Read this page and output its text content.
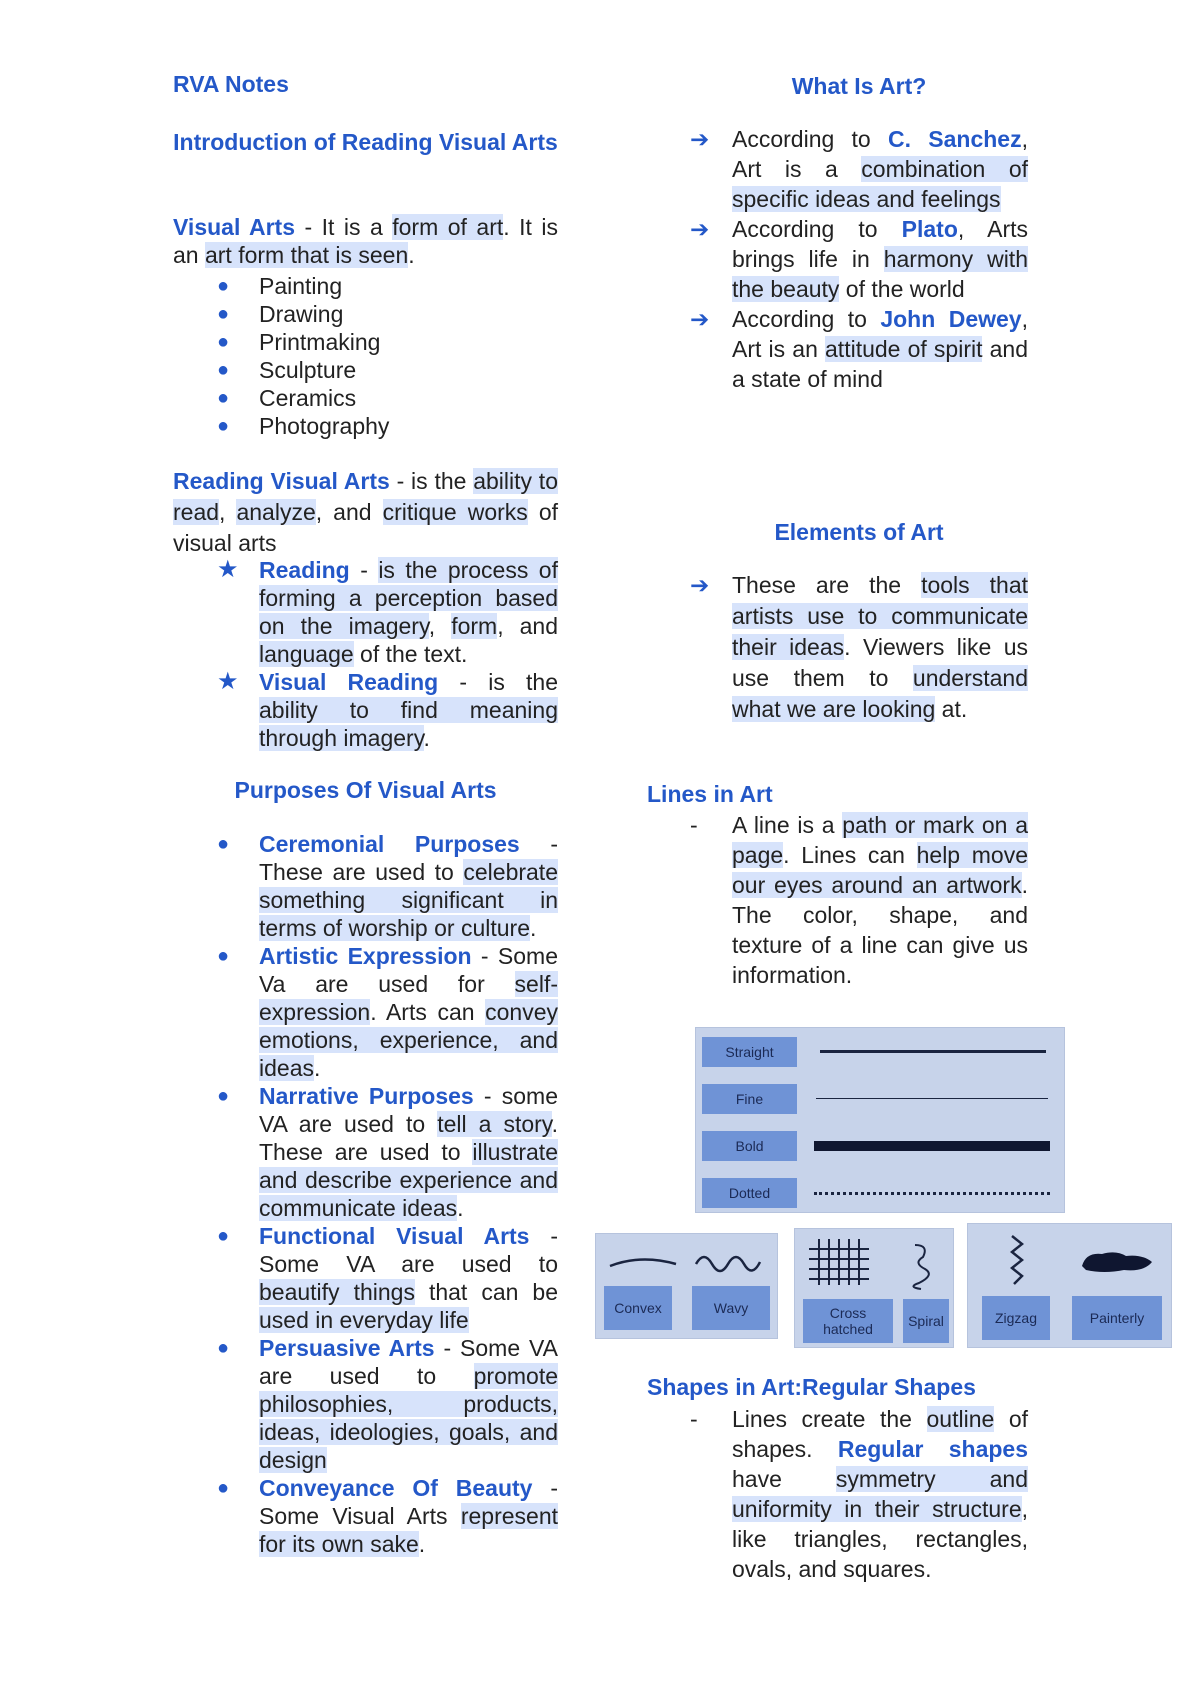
RVA Notes
Introduction of Reading Visual Arts
Visual Arts - It is a form of art. It is an art form that is seen.
● Painting
● Drawing
● Printmaking
● Sculpture
● Ceramics
● Photography
Reading Visual Arts - is the ability to read, analyze, and critique works of visual arts
★ Reading - is the process of forming a perception based on the imagery, form, and language of the text.
★ Visual Reading - is the ability to find meaning through imagery.
Purposes Of Visual Arts
● Ceremonial Purposes - These are used to celebrate something significant in terms of worship or culture.
● Artistic Expression - Some Va are used for self-expression. Arts can convey emotions, experience, and ideas.
● Narrative Purposes - some VA are used to tell a story. These are used to illustrate and describe experience and communicate ideas.
● Functional Visual Arts - Some VA are used to beautify things that can be used in everyday life
● Persuasive Arts - Some VA are used to promote philosophies, products, ideas, ideologies, goals, and design
● Conveyance Of Beauty - Some Visual Arts represent for its own sake.
What Is Art?
➔ According to C. Sanchez, Art is a combination of specific ideas and feelings
➔ According to Plato, Arts brings life in harmony with the beauty of the world
➔ According to John Dewey, Art is an attitude of spirit and a state of mind
Elements of Art
➔ These are the tools that artists use to communicate their ideas. Viewers like us use them to understand what we are looking at.
Lines in Art
- A line is a path or mark on a page. Lines can help move our eyes around an artwork. The color, shape, and texture of a line can give us information.
Shapes in Art:Regular Shapes
- Lines create the outline of shapes. Regular shapes have symmetry and uniformity in their structure, like triangles, rectangles, ovals, and squares.
Straight
Fine
Bold
Dotted
Convex	Wavy	Cross hatched	Spiral	Zigzag	Painterly
